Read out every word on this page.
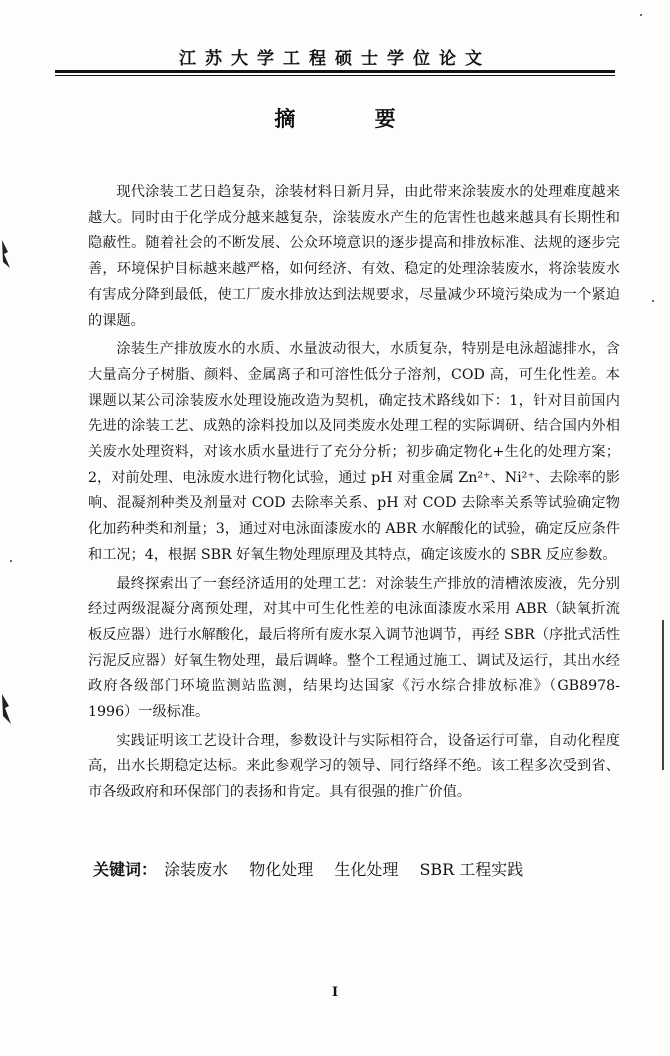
江苏大学工程硕士学位论文
摘 要

现代涂装工艺日趋复杂，涂装材料日新月异，由此带来涂装废水的处理难度越来越大。同时由于化学成分越来越复杂，涂装废水产生的危害性也越来越具有长期性和隐蔽性。随着社会的不断发展、公众环境意识的逐步提高和排放标准、法规的逐步完善，环境保护目标越来越严格，如何经济、有效、稳定的处理涂装废水，将涂装废水有害成分降到最低，使工厂废水排放达到法规要求，尽量减少环境污染成为一个紧迫的课题。

涂装生产排放废水的水质、水量波动很大，水质复杂，特别是电泳超滤排水，含大量高分子树脂、颜料、金属离子和可溶性低分子溶剂，COD 高，可生化性差。本课题以某公司涂装废水处理设施改造为契机，确定技术路线如下：1，针对目前国内先进的涂装工艺、成熟的涂料投加以及同类废水处理工程的实际调研、结合国内外相关废水处理资料，对该水质水量进行了充分分析；初步确定物化+生化的处理方案；2，对前处理、电泳废水进行物化试验，通过 pH 对重金属 Zn²⁺、Ni²⁺、去除率的影响、混凝剂种类及剂量对 COD 去除率关系、pH 对 COD 去除率关系等试验确定物化加药种类和剂量；3，通过对电泳面漆废水的 ABR 水解酸化的试验，确定反应条件和工况；4，根据 SBR 好氧生物处理原理及其特点，确定该废水的 SBR 反应参数。

最终探索出了一套经济适用的处理工艺：对涂装生产排放的清槽浓废液，先分别经过两级混凝分离预处理，对其中可生化性差的电泳面漆废水采用 ABR（缺氧折流板反应器）进行水解酸化，最后将所有废水泵入调节池调节，再经 SBR（序批式活性污泥反应器）好氧生物处理，最后调峰。整个工程通过施工、调试及运行，其出水经政府各级部门环境监测站监测，结果均达国家《污水综合排放标准》（GB8978-1996）一级标准。

实践证明该工艺设计合理，参数设计与实际相符合，设备运行可靠，自动化程度高，出水长期稳定达标。来此参观学习的领导、同行络绎不绝。该工程多次受到省、市各级政府和环保部门的表扬和肯定。具有很强的推广价值。

关键词： 涂装废水 物化处理 生化处理 SBR 工程实践
I
